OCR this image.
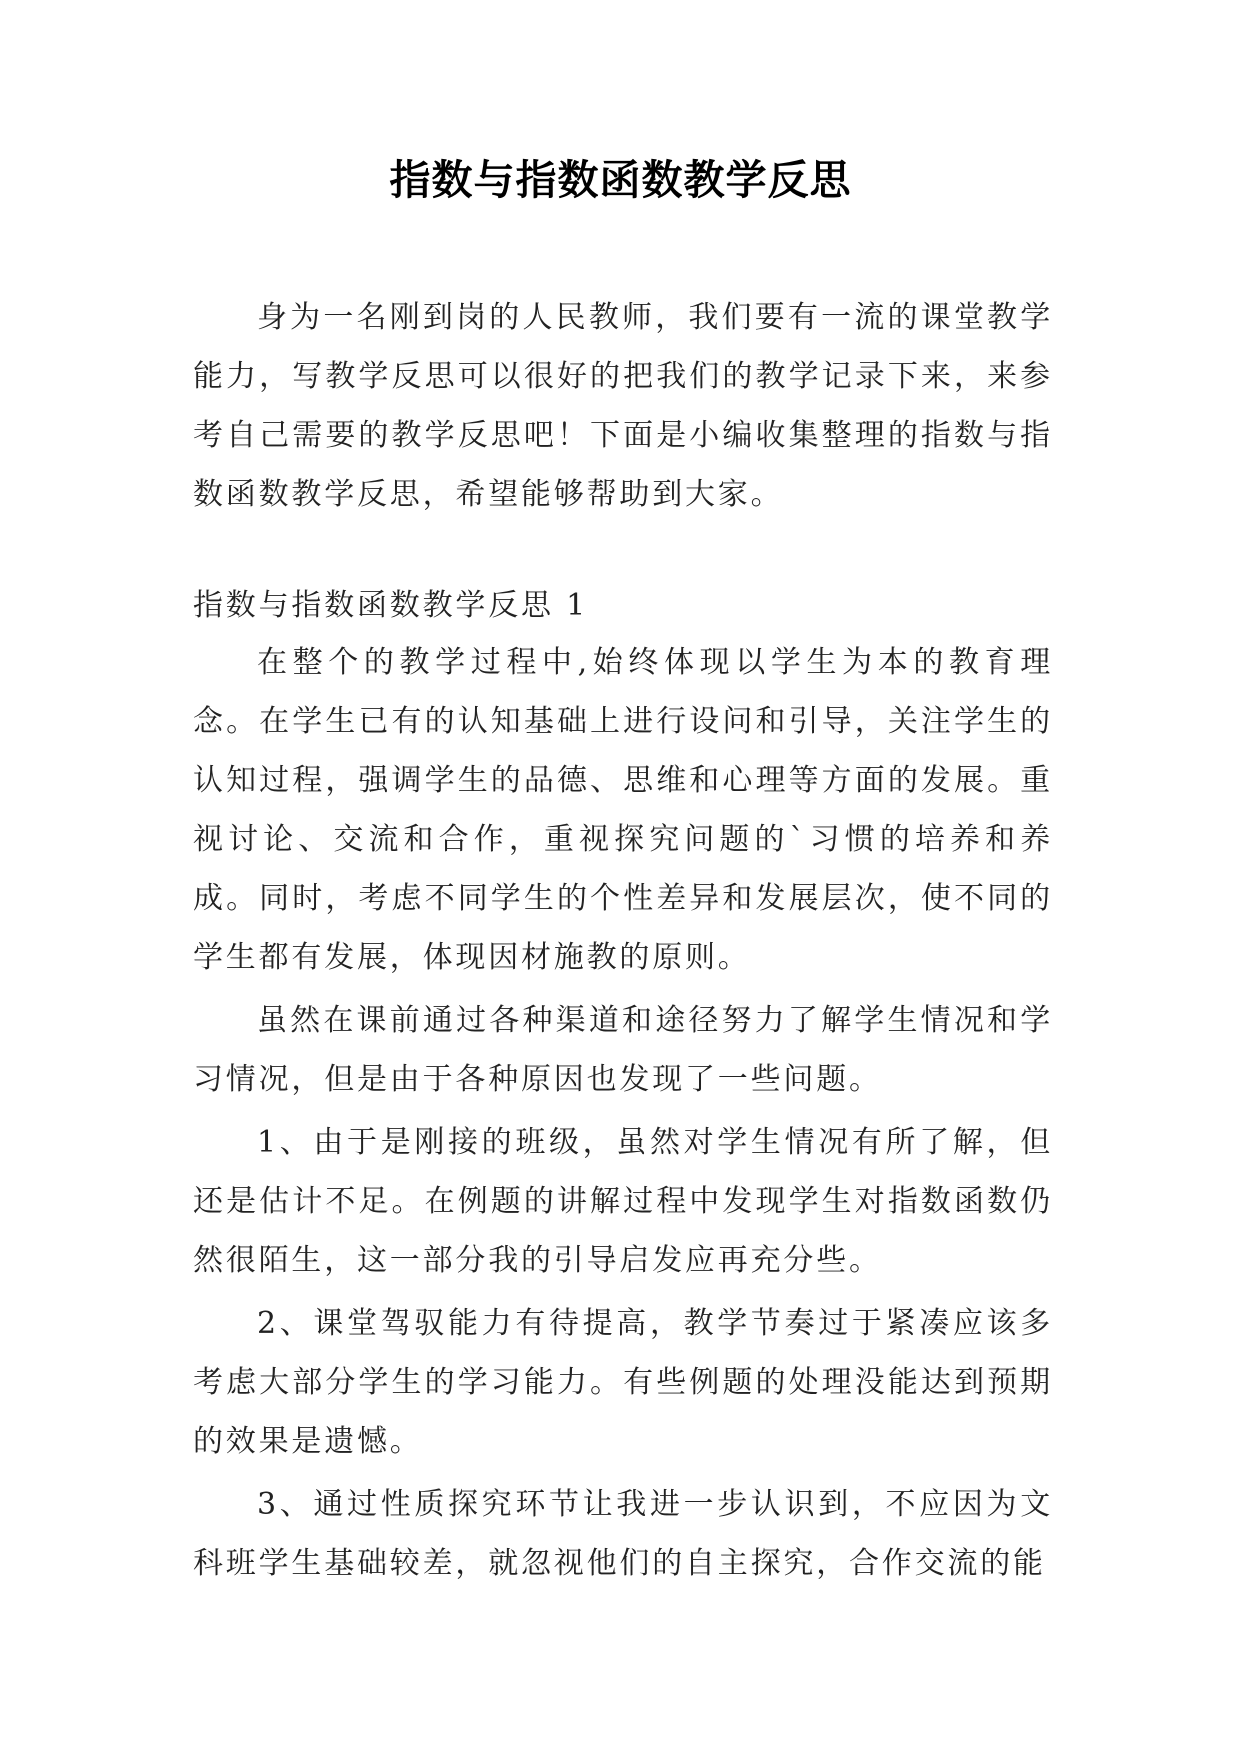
指数与指数函数教学反思

身为一名刚到岗的人民教师，我们要有一流的课堂教学能力，写教学反思可以很好的把我们的教学记录下来，来参考自己需要的教学反思吧！下面是小编收集整理的指数与指数函数教学反思，希望能够帮助到大家。

指数与指数函数教学反思 1

在整个的教学过程中,始终体现以学生为本的教育理念。在学生已有的认知基础上进行设问和引导，关注学生的认知过程，强调学生的品德、思维和心理等方面的发展。重视讨论、交流和合作，重视探究问题的`习惯的培养和养成。同时，考虑不同学生的个性差异和发展层次，使不同的学生都有发展，体现因材施教的原则。

虽然在课前通过各种渠道和途径努力了解学生情况和学习情况，但是由于各种原因也发现了一些问题。

1、由于是刚接的班级，虽然对学生情况有所了解，但还是估计不足。在例题的讲解过程中发现学生对指数函数仍然很陌生，这一部分我的引导启发应再充分些。

2、课堂驾驭能力有待提高，教学节奏过于紧凑应该多考虑大部分学生的学习能力。有些例题的处理没能达到预期的效果是遗憾。

3、通过性质探究环节让我进一步认识到，不应因为文科班学生基础较差，就忽视他们的自主探究，合作交流的能
